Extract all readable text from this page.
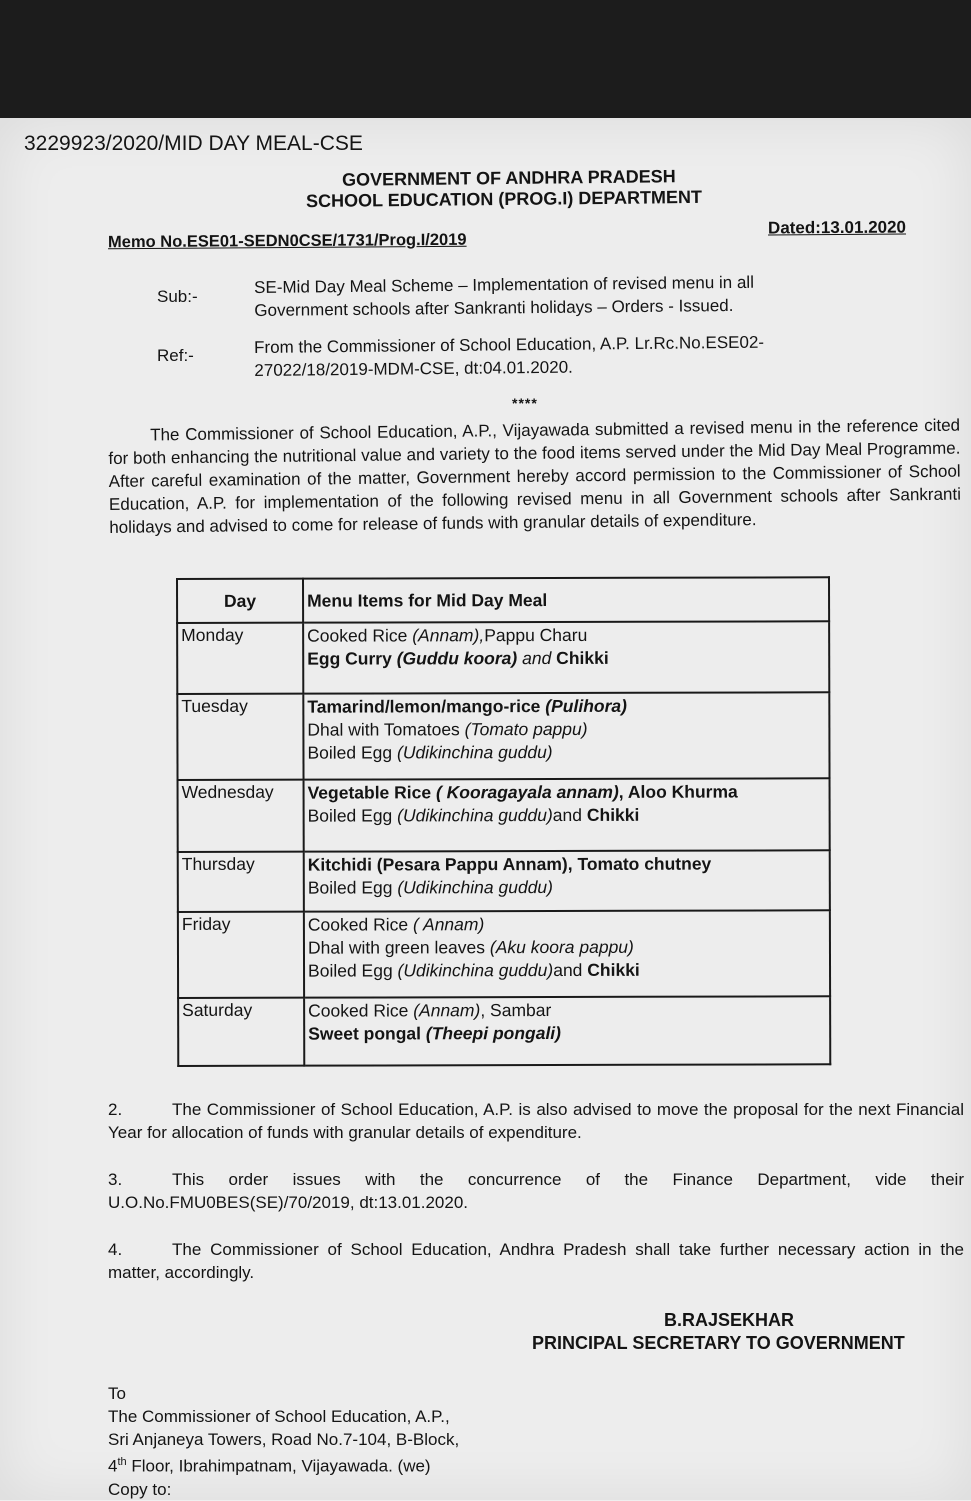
3229923/2020/MID DAY MEAL-CSE
GOVERNMENT OF ANDHRA PRADESH
SCHOOL EDUCATION (PROG.I) DEPARTMENT
Memo No.ESE01-SEDN0CSE/1731/Prog.I/2019
Dated:13.01.2020
Sub:-	SE-Mid Day Meal Scheme – Implementation of revised menu in all
Government schools after Sankranti holidays – Orders - Issued.
Ref:-	From the Commissioner of School Education, A.P. Lr.Rc.No.ESE02-
27022/18/2019-MDM-CSE, dt:04.01.2020.
****
The Commissioner of School Education, A.P., Vijayawada submitted a revised menu in the reference cited for both enhancing the nutritional value and variety to the food items served under the Mid Day Meal Programme. After careful examination of the matter, Government hereby accord permission to the Commissioner of School Education, A.P. for implementation of the following revised menu in all Government schools after Sankranti holidays and advised to come for release of funds with granular details of expenditure.
Day	Menu Items for Mid Day Meal
Monday	Cooked Rice (Annam),Pappu Charu
Egg Curry (Guddu koora) and Chikki

Tuesday	Tamarind/lemon/mango-rice (Pulihora)
Dhal with Tomatoes (Tomato pappu)
Boiled Egg (Udikinchina guddu)

Wednesday	Vegetable Rice ( Kooragayala annam), Aloo Khurma
Boiled Egg (Udikinchina guddu)and Chikki

Thursday	Kitchidi (Pesara Pappu Annam), Tomato chutney
Boiled Egg (Udikinchina guddu)

Friday	Cooked Rice ( Annam)
Dhal with green leaves (Aku koora pappu)
Boiled Egg (Udikinchina guddu)and Chikki

Saturday	Cooked Rice (Annam), Sambar
Sweet pongal (Theepi pongali)
2.	The Commissioner of School Education, A.P. is also advised to move the proposal for the next Financial Year for allocation of funds with granular details of expenditure.
3.	This order issues with the concurrence of the Finance Department, vide their U.O.No.FMU0BES(SE)/70/2019, dt:13.01.2020.
4.	The Commissioner of School Education, Andhra Pradesh shall take further necessary action in the matter, accordingly.
B.RAJSEKHAR
PRINCIPAL SECRETARY TO GOVERNMENT
To
The Commissioner of School Education, A.P.,
Sri Anjaneya Towers, Road No.7-104, B-Block,
4th Floor, Ibrahimpatnam, Vijayawada. (we)
Copy to:
